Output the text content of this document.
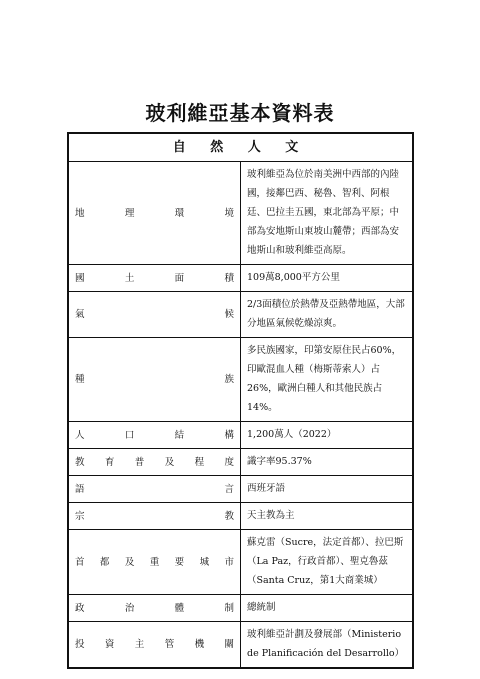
玻利維亞基本資料表
自 然 人 文	

地理環境	玻利維亞為位於南美洲中西部的內陸國，接鄰巴西、秘魯、智利、阿根廷、巴拉圭五國，東北部為平原；中部為安地斯山東坡山麓帶；西部為安地斯山和玻利維亞高原。

國土面積	109萬8,000平方公里

氣候	2/3面積位於熱帶及亞熱帶地區，大部分地區氣候乾燥涼爽。

種族	多民族國家，印第安原住民占60%，印歐混血人種（梅斯蒂索人）占26%，歐洲白種人和其他民族占14%。

人口結構	1,200萬人（2022）

教育普及程度	識字率95.37%

語言	西班牙語

宗教	天主教為主

首都及重要城市	蘇克雷（Sucre，法定首都）、拉巴斯（La Paz，行政首都）、聖克魯茲（Santa Cruz，第1大商業城）

政治體制	總統制

投資主管機關	玻利維亞計劃及發展部（Ministerio de Planificación del Desarrollo）
